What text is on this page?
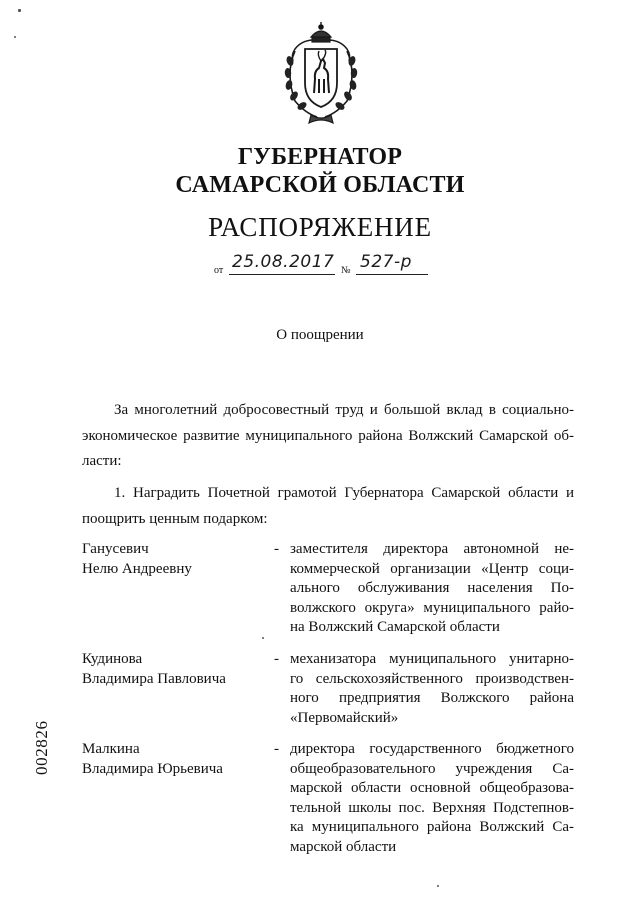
ГУБЕРНАТОР
САМАРСКОЙ ОБЛАСТИ
РАСПОРЯЖЕНИЕ
от 25.08.2017 № 527-р
О поощрении
За многолетний добросовестный труд и большой вклад в социально-
экономическое развитие муниципального района Волжский Самарской об-
ласти:
1. Наградить Почетной грамотой Губернатора Самарской области и
поощрить ценным подарком:
Ганусевич
Нелю Андреевну
- заместителя директора автономной не-
коммерческой организации «Центр соци-
ального обслуживания населения По-
волжского округа» муниципального райо-
на Волжский Самарской области
Кудинова
Владимира Павловича
- механизатора муниципального унитарно-
го сельскохозяйственного производствен-
ного предприятия Волжского района
«Первомайский»
Малкина
Владимира Юрьевича
- директора государственного бюджетного
общеобразовательного учреждения Са-
марской области основной общеобразова-
тельной школы пос. Верхняя Подстепнов-
ка муниципального района Волжский Са-
марской области
002826
